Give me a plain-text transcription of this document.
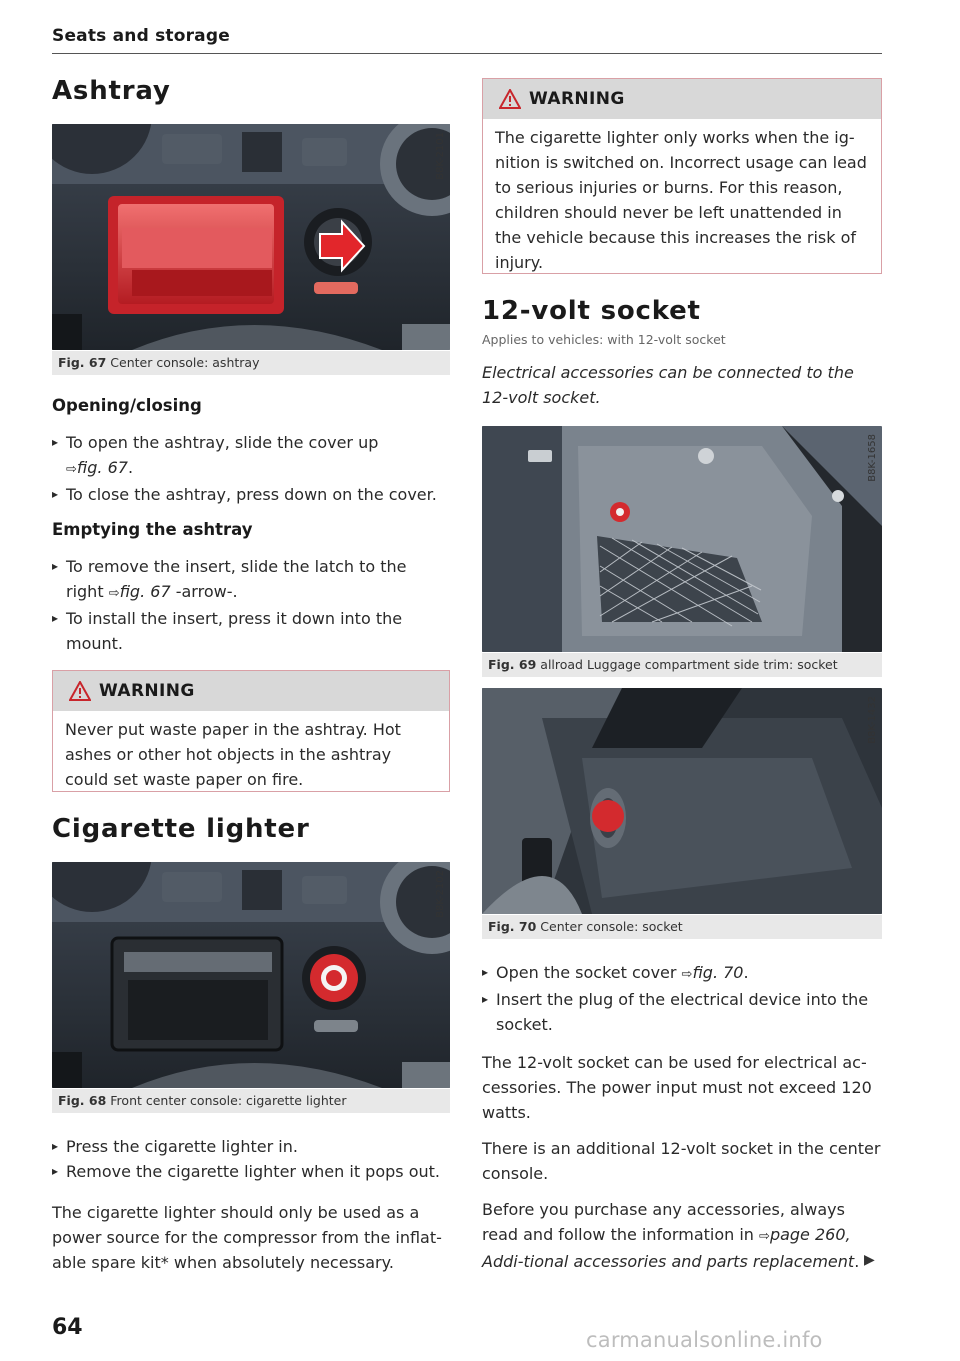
Seats and storage
Ashtray
B8K-2101
Fig. 67 Center console: ashtray
Opening/closing
▸ To open the ashtray, slide the cover up
⇨fig. 67.
▸ To close the ashtray, press down on the cover.
Emptying the ashtray
▸ To remove the insert, slide the latch to the right ⇨fig. 67 -arrow-.
▸ To install the insert, press it down into the mount.
WARNING
Never put waste paper in the ashtray. Hot ashes or other hot objects in the ashtray could set waste paper on fire.
Cigarette lighter
B8K-2102
Fig. 68 Front center console: cigarette lighter
▸ Press the cigarette lighter in.
▸ Remove the cigarette lighter when it pops out.

The cigarette lighter should only be used as a power source for the compressor from the inflat-able spare kit* when absolutely necessary.

WARNING
The cigarette lighter only works when the ig-nition is switched on. Incorrect usage can lead to serious injuries or burns. For this reason, children should never be left unattended in the vehicle because this increases the risk of injury.
12-volt socket
Applies to vehicles: with 12-volt socket

Electrical accessories can be connected to the 12-volt socket.

B8K-1658
Fig. 69 allroad Luggage compartment side trim: socket
B8K-1432
Fig. 70 Center console: socket
▸ Open the socket cover ⇨fig. 70.
▸ Insert the plug of the electrical device into the socket.

The 12-volt socket can be used for electrical ac-cessories. The power input must not exceed 120 watts.

There is an additional 12-volt socket in the center console.

Before you purchase any accessories, always read and follow the information in ⇨page 260, Addi-tional accessories and parts replacement. ▶
64	carmanualsonline.info
